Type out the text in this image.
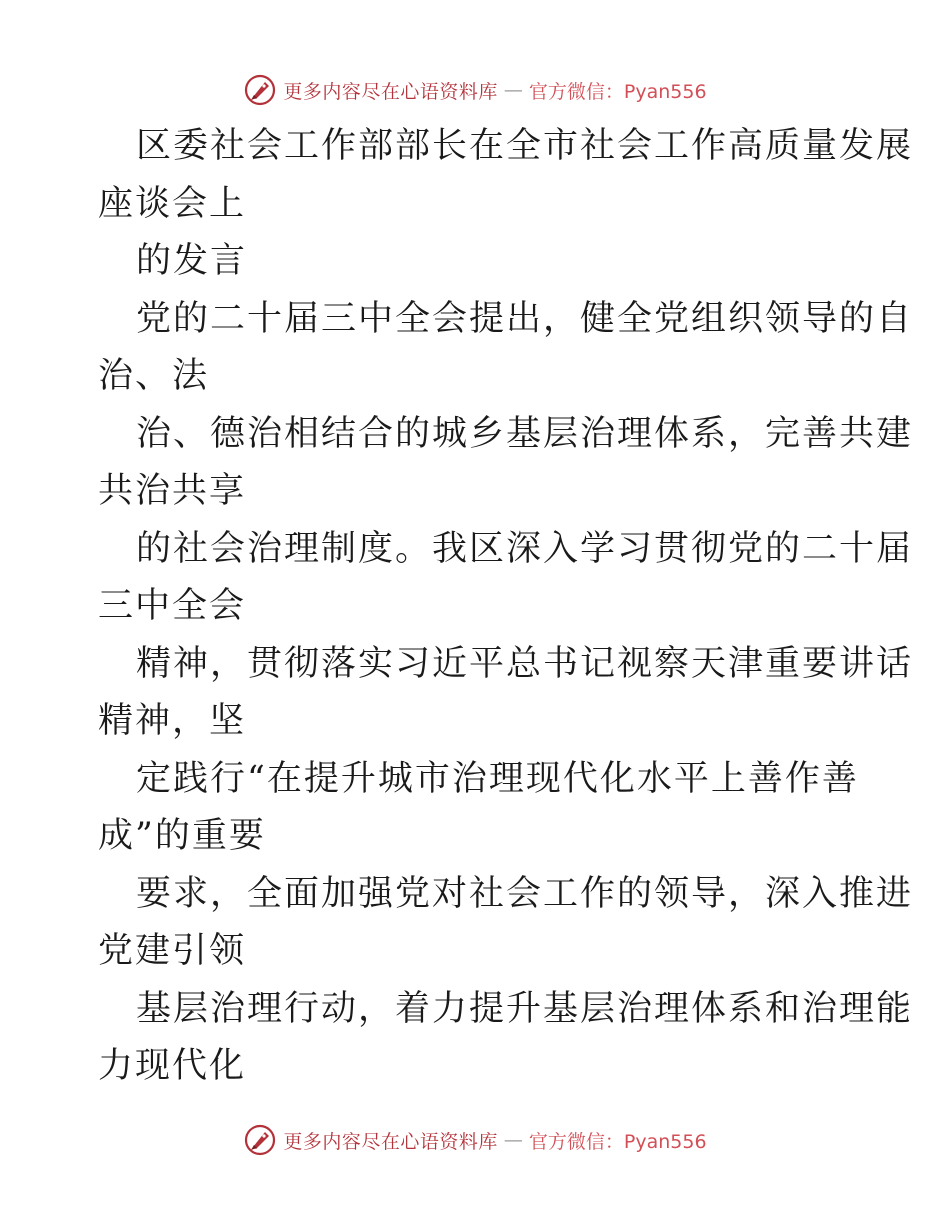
更多内容尽在心语资料库 — 官方微信：Pyan556
区委社会工作部部长在全市社会工作高质量发展
座谈会上
的发言
党的二十届三中全会提出，健全党组织领导的自
治、法
治、德治相结合的城乡基层治理体系，完善共建
共治共享
的社会治理制度。我区深入学习贯彻党的二十届
三中全会
精神，贯彻落实习近平总书记视察天津重要讲话
精神，坚
定践行“在提升城市治理现代化水平上善作善
成”的重要
要求，全面加强党对社会工作的领导，深入推进
党建引领
基层治理行动，着力提升基层治理体系和治理能
力现代化
更多内容尽在心语资料库 — 官方微信：Pyan556
